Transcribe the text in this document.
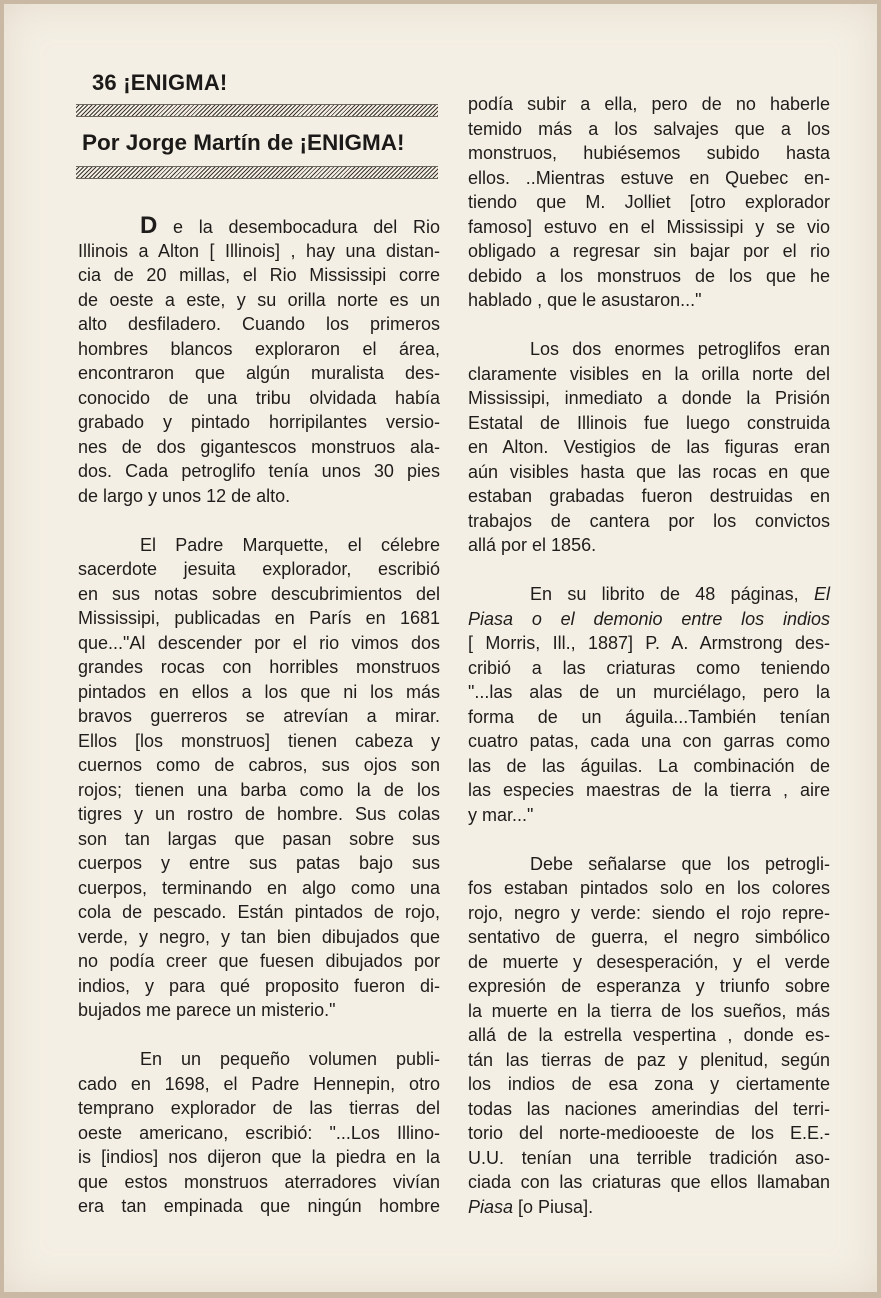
36 ¡ENIGMA!
Por Jorge Martín de ¡ENIGMA!
D e la desembocadura del Rio
Illinois a Alton [ Illinois] , hay una distan-
cia de 20 millas, el Rio Mississipi corre
de oeste a este, y su orilla norte es un
alto desfiladero. Cuando los primeros
hombres blancos exploraron el área,
encontraron que algún muralista des-
conocido de una tribu olvidada había
grabado y pintado horripilantes versio-
nes de dos gigantescos monstruos ala-
dos. Cada petroglifo tenía unos 30 pies
de largo y unos 12 de alto.
El Padre Marquette, el célebre
sacerdote jesuita explorador, escribió
en sus notas sobre descubrimientos del
Mississipi, publicadas en París en 1681
que..."Al descender por el rio vimos dos
grandes rocas con horribles monstruos
pintados en ellos a los que ni los más
bravos guerreros se atrevían a mirar.
Ellos [los monstruos] tienen cabeza y
cuernos como de cabros, sus ojos son
rojos; tienen una barba como la de los
tigres y un rostro de hombre. Sus colas
son tan largas que pasan sobre sus
cuerpos y entre sus patas bajo sus
cuerpos, terminando en algo como una
cola de pescado. Están pintados de rojo,
verde, y negro, y tan bien dibujados que
no podía creer que fuesen dibujados por
indios, y para qué proposito fueron di-
bujados me parece un misterio."
En un pequeño volumen publi-
cado en 1698, el Padre Hennepin, otro
temprano explorador de las tierras del
oeste americano, escribió: "...Los Illino-
is [indios] nos dijeron que la piedra en la
que estos monstruos aterradores vivían
era tan empinada que ningún hombre
podía subir a ella, pero de no haberle
temido más a los salvajes que a los
monstruos, hubiésemos subido hasta
ellos. ..Mientras estuve en Quebec en-
tiendo que M. Jolliet [otro explorador
famoso] estuvo en el Mississipi y se vio
obligado a regresar sin bajar por el rio
debido a los monstruos de los que he
hablado , que le asustaron..."
Los dos enormes petroglifos eran
claramente visibles en la orilla norte del
Mississipi, inmediato a donde la Prisión
Estatal de Illinois fue luego construida
en Alton. Vestigios de las figuras eran
aún visibles hasta que las rocas en que
estaban grabadas fueron destruidas en
trabajos de cantera por los convictos
allá por el 1856.
En su librito de 48 páginas, El
Piasa o el demonio entre los indios
[ Morris, Ill., 1887] P. A. Armstrong des-
cribió a las criaturas como teniendo
"...las alas de un murciélago, pero la
forma de un águila...También tenían
cuatro patas, cada una con garras como
las de las águilas. La combinación de
las especies maestras de la tierra , aire
y mar..."
Debe señalarse que los petrogli-
fos estaban pintados solo en los colores
rojo, negro y verde: siendo el rojo repre-
sentativo de guerra, el negro simbólico
de muerte y desesperación, y el verde
expresión de esperanza y triunfo sobre
la muerte en la tierra de los sueños, más
allá de la estrella vespertina , donde es-
tán las tierras de paz y plenitud, según
los indios de esa zona y ciertamente
todas las naciones amerindias del terri-
torio del norte-mediooeste de los E.E.-
U.U. tenían una terrible tradición aso-
ciada con las criaturas que ellos llamaban
Piasa [o Piusa].
